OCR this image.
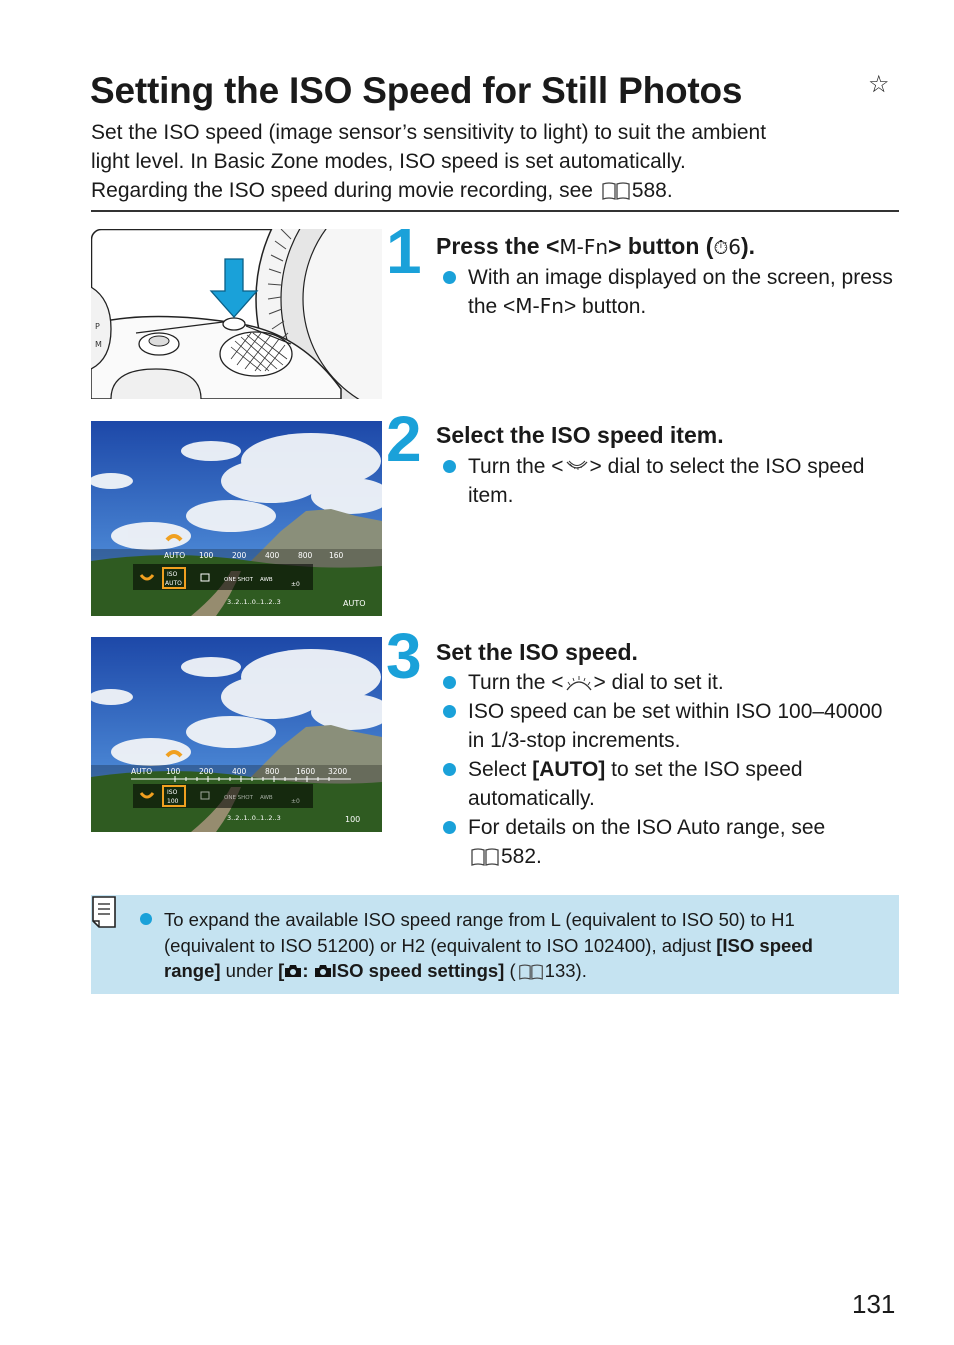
Setting the ISO Speed for Still Photos	☆

Set the ISO speed (image sensor’s sensitivity to light) to suit the ambient

light level. In Basic Zone modes, ISO speed is set automatically.

Regarding the ISO speed during movie recording, see 588.

P
M
AUTO 100 200 400 800 160
ISO
AUTO	ONE SHOT AWB
±0
3..2..1..0..1..2..3	AUTO
AUTO 100 200 400 800 1600 3200
ISO
100	ONE SHOT AWB	±0
3..2..1..0..1..2..3	100
1 Press the <M-Fn> button (⏱6).
With an image displayed on the screen, press the <M-Fn> button.
2 Select the ISO speed item.
Turn the < > dial to select the ISO speed item.
3 Set the ISO speed.
Turn the < > dial to set it.
ISO speed can be set within ISO 100–40000 in 1/3-stop increments.
Select [AUTO] to set the ISO speed automatically.
For details on the ISO Auto range, see

582.
To expand the available ISO speed range from L (equivalent to ISO 50) to H1 (equivalent to ISO 51200) or H2 (equivalent to ISO 102400), adjust [ISO speed range] under [ : ISO speed settings] ( 133).
131
